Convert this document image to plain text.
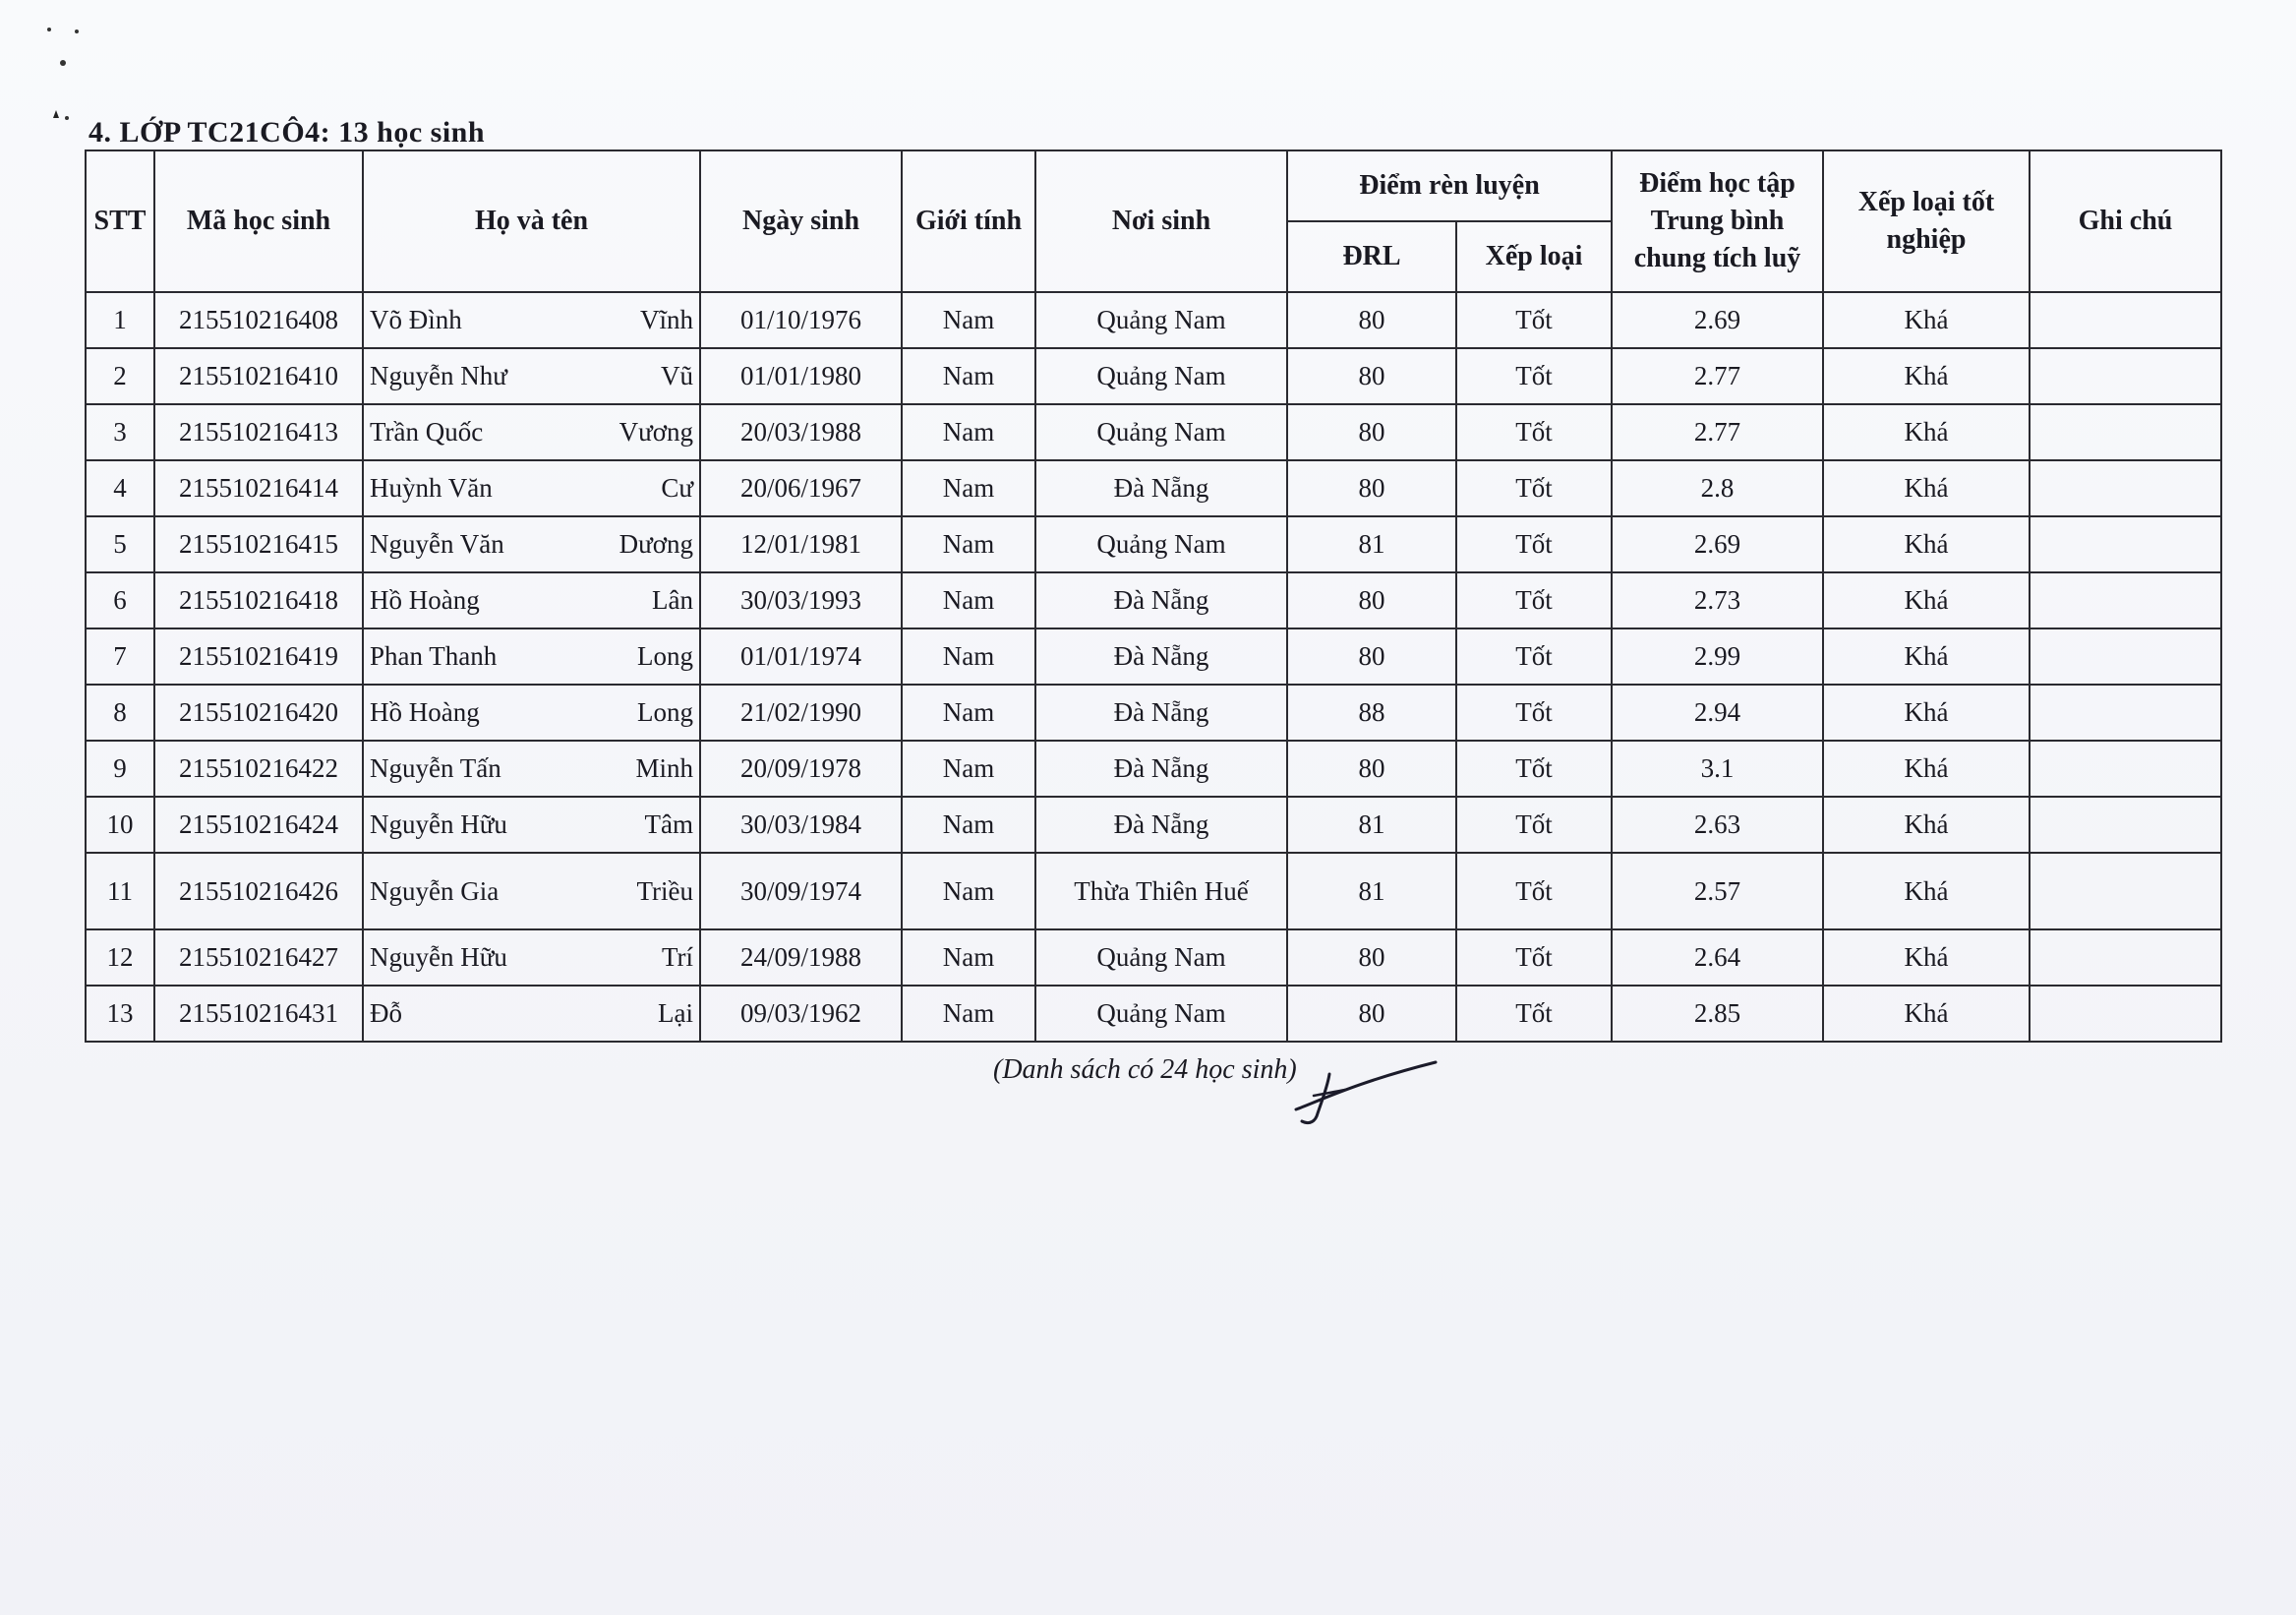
4. LỚP TC21CÔ4: 13 học sinh
STT	Mã học sinh	Họ và tên	Ngày sinh	Giới tính	Nơi sinh	Điểm rèn luyện		Điểm học tập Trung bình chung tích luỹ	Xếp loại tốt nghiệp	Ghi chú
						ĐRL	Xếp loại			
1	215510216408	Võ Đình Vĩnh	01/10/1976	Nam	Quảng Nam	80	Tốt	2.69	Khá	
2	215510216410	Nguyễn Như Vũ	01/01/1980	Nam	Quảng Nam	80	Tốt	2.77	Khá	
3	215510216413	Trần Quốc Vương	20/03/1988	Nam	Quảng Nam	80	Tốt	2.77	Khá	
4	215510216414	Huỳnh Văn Cư	20/06/1967	Nam	Đà Nẵng	80	Tốt	2.8	Khá	
5	215510216415	Nguyễn Văn Dương	12/01/1981	Nam	Quảng Nam	81	Tốt	2.69	Khá	
6	215510216418	Hồ Hoàng Lân	30/03/1993	Nam	Đà Nẵng	80	Tốt	2.73	Khá	
7	215510216419	Phan Thanh Long	01/01/1974	Nam	Đà Nẵng	80	Tốt	2.99	Khá	
8	215510216420	Hồ Hoàng Long	21/02/1990	Nam	Đà Nẵng	88	Tốt	2.94	Khá	
9	215510216422	Nguyễn Tấn Minh	20/09/1978	Nam	Đà Nẵng	80	Tốt	3.1	Khá	
10	215510216424	Nguyễn Hữu Tâm	30/03/1984	Nam	Đà Nẵng	81	Tốt	2.63	Khá	
11	215510216426	Nguyễn Gia Triều	30/09/1974	Nam	Thừa Thiên Huế	81	Tốt	2.57	Khá	
12	215510216427	Nguyễn Hữu Trí	24/09/1988	Nam	Quảng Nam	80	Tốt	2.64	Khá	
13	215510216431	Đỗ Lại	09/03/1962	Nam	Quảng Nam	80	Tốt	2.85	Khá	
(Danh sách có 24 học sinh)
